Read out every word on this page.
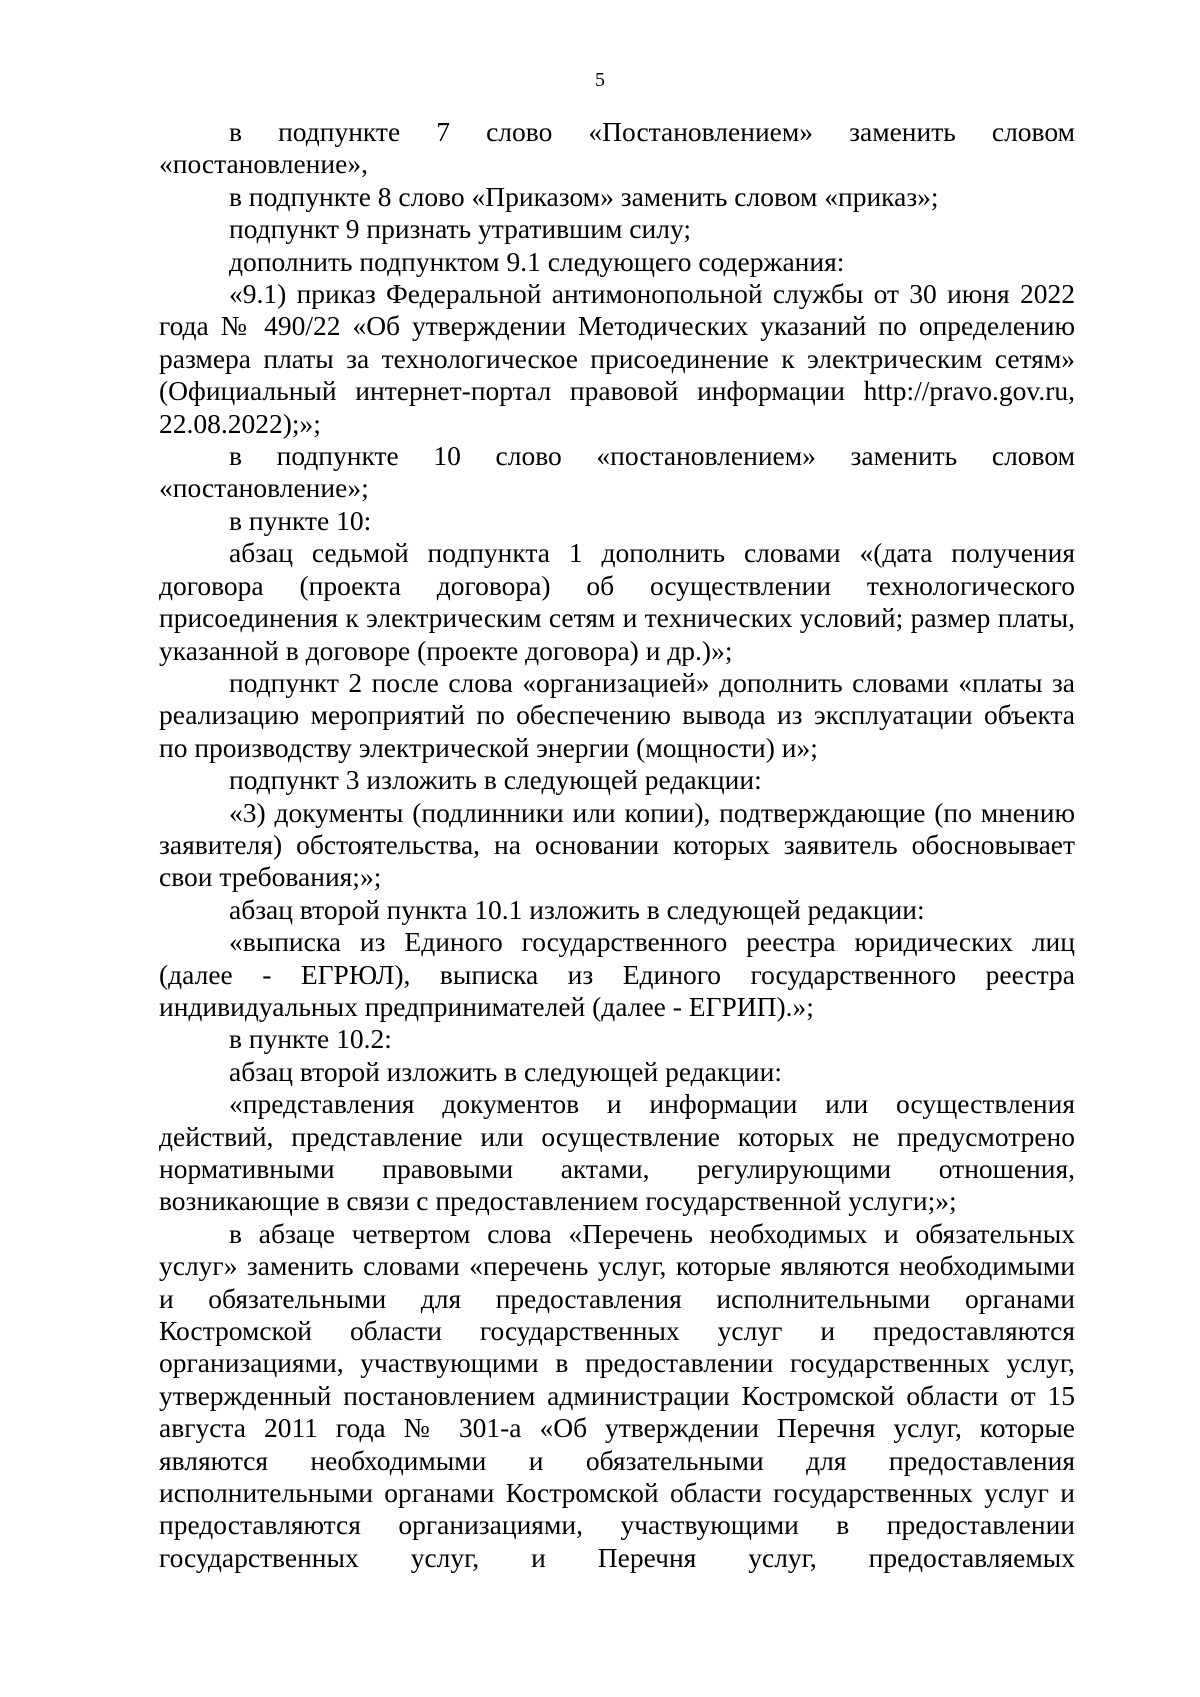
5

в подпункте 7 слово «Постановлением» заменить словом «постановление»,

в подпункте 8 слово «Приказом» заменить словом «приказ»;

подпункт 9 признать утратившим силу;

дополнить подпунктом 9.1 следующего содержания:

«9.1) приказ Федеральной антимонопольной службы от 30 июня 2022 года № 490/22 «Об утверждении Методических указаний по определению размера платы за технологическое присоединение к электрическим сетям» (Официальный интернет-портал правовой информации http://pravo.gov.ru, 22.08.2022);»;

в подпункте 10 слово «постановлением» заменить словом «постановление»;

в пункте 10:

абзац седьмой подпункта 1 дополнить словами «(дата получения договора (проекта договора) об осуществлении технологического присоединения к электрическим сетям и технических условий; размер платы, указанной в договоре (проекте договора) и др.)»;

подпункт 2 после слова «организацией» дополнить словами «платы за реализацию мероприятий по обеспечению вывода из эксплуатации объекта по производству электрической энергии (мощности) и»;

подпункт 3 изложить в следующей редакции:

«3) документы (подлинники или копии), подтверждающие (по мнению заявителя) обстоятельства, на основании которых заявитель обосновывает свои требования;»;

абзац второй пункта 10.1 изложить в следующей редакции:

«выписка из Единого государственного реестра юридических лиц (далее - ЕГРЮЛ), выписка из Единого государственного реестра индивидуальных предпринимателей (далее - ЕГРИП).»;

в пункте 10.2:

абзац второй изложить в следующей редакции:

«представления документов и информации или осуществления действий, представление или осуществление которых не предусмотрено нормативными правовыми актами, регулирующими отношения, возникающие в связи с предоставлением государственной услуги;»;

в абзаце четвертом слова «Перечень необходимых и обязательных услуг» заменить словами «перечень услуг, которые являются необходимыми и обязательными для предоставления исполнительными органами Костромской области государственных услуг и предоставляются организациями, участвующими в предоставлении государственных услуг, утвержденный постановлением администрации Костромской области от 15 августа 2011 года № 301-а «Об утверждении Перечня услуг, которые являются необходимыми и обязательными для предоставления исполнительными органами Костромской области государственных услуг и предоставляются организациями, участвующими в предоставлении государственных услуг, и Перечня услуг, предоставляемых
